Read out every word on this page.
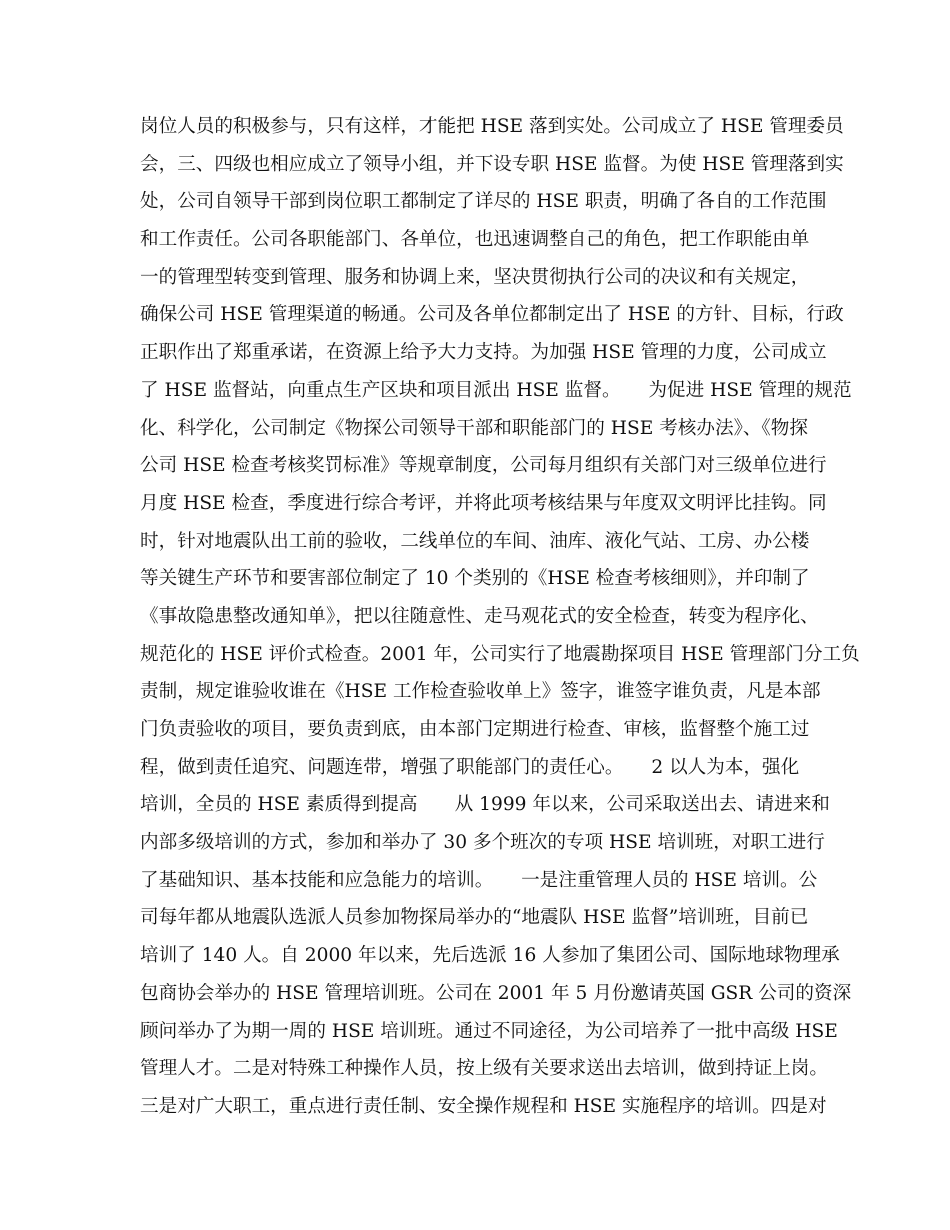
岗位人员的积极参与，只有这样，才能把 HSE 落到实处。公司成立了 HSE 管理委员
会，三、四级也相应成立了领导小组，并下设专职 HSE 监督。为使 HSE 管理落到实
处，公司自领导干部到岗位职工都制定了详尽的 HSE 职责，明确了各自的工作范围
和工作责任。公司各职能部门、各单位，也迅速调整自己的角色，把工作职能由单
一的管理型转变到管理、服务和协调上来，坚决贯彻执行公司的决议和有关规定，
确保公司 HSE 管理渠道的畅通。公司及各单位都制定出了 HSE 的方针、目标，行政
正职作出了郑重承诺，在资源上给予大力支持。为加强 HSE 管理的力度，公司成立
了 HSE 监督站，向重点生产区块和项目派出 HSE 监督。　　为促进 HSE 管理的规范
化、科学化，公司制定《物探公司领导干部和职能部门的 HSE 考核办法》、《物探
公司 HSE 检查考核奖罚标准》等规章制度，公司每月组织有关部门对三级单位进行
月度 HSE 检查，季度进行综合考评，并将此项考核结果与年度双文明评比挂钩。同
时，针对地震队出工前的验收，二线单位的车间、油库、液化气站、工房、办公楼
等关键生产环节和要害部位制定了 10 个类别的《HSE 检查考核细则》，并印制了
《事故隐患整改通知单》，把以往随意性、走马观花式的安全检查，转变为程序化、
规范化的 HSE 评价式检查。2001 年，公司实行了地震勘探项目 HSE 管理部门分工负
责制，规定谁验收谁在《HSE 工作检查验收单上》签字，谁签字谁负责，凡是本部
门负责验收的项目，要负责到底，由本部门定期进行检查、审核，监督整个施工过
程，做到责任追究、问题连带，增强了职能部门的责任心。　　2 以人为本，强化
培训，全员的 HSE 素质得到提高　　从 1999 年以来，公司采取送出去、请进来和
内部多级培训的方式，参加和举办了 30 多个班次的专项 HSE 培训班，对职工进行
了基础知识、基本技能和应急能力的培训。　　一是注重管理人员的 HSE 培训。公
司每年都从地震队选派人员参加物探局举办的“地震队 HSE 监督”培训班，目前已
培训了 140 人。自 2000 年以来，先后选派 16 人参加了集团公司、国际地球物理承
包商协会举办的 HSE 管理培训班。公司在 2001 年 5 月份邀请英国 GSR 公司的资深
顾问举办了为期一周的 HSE 培训班。通过不同途径，为公司培养了一批中高级 HSE
管理人才。二是对特殊工种操作人员，按上级有关要求送出去培训，做到持证上岗。
三是对广大职工，重点进行责任制、安全操作规程和 HSE 实施程序的培训。四是对
